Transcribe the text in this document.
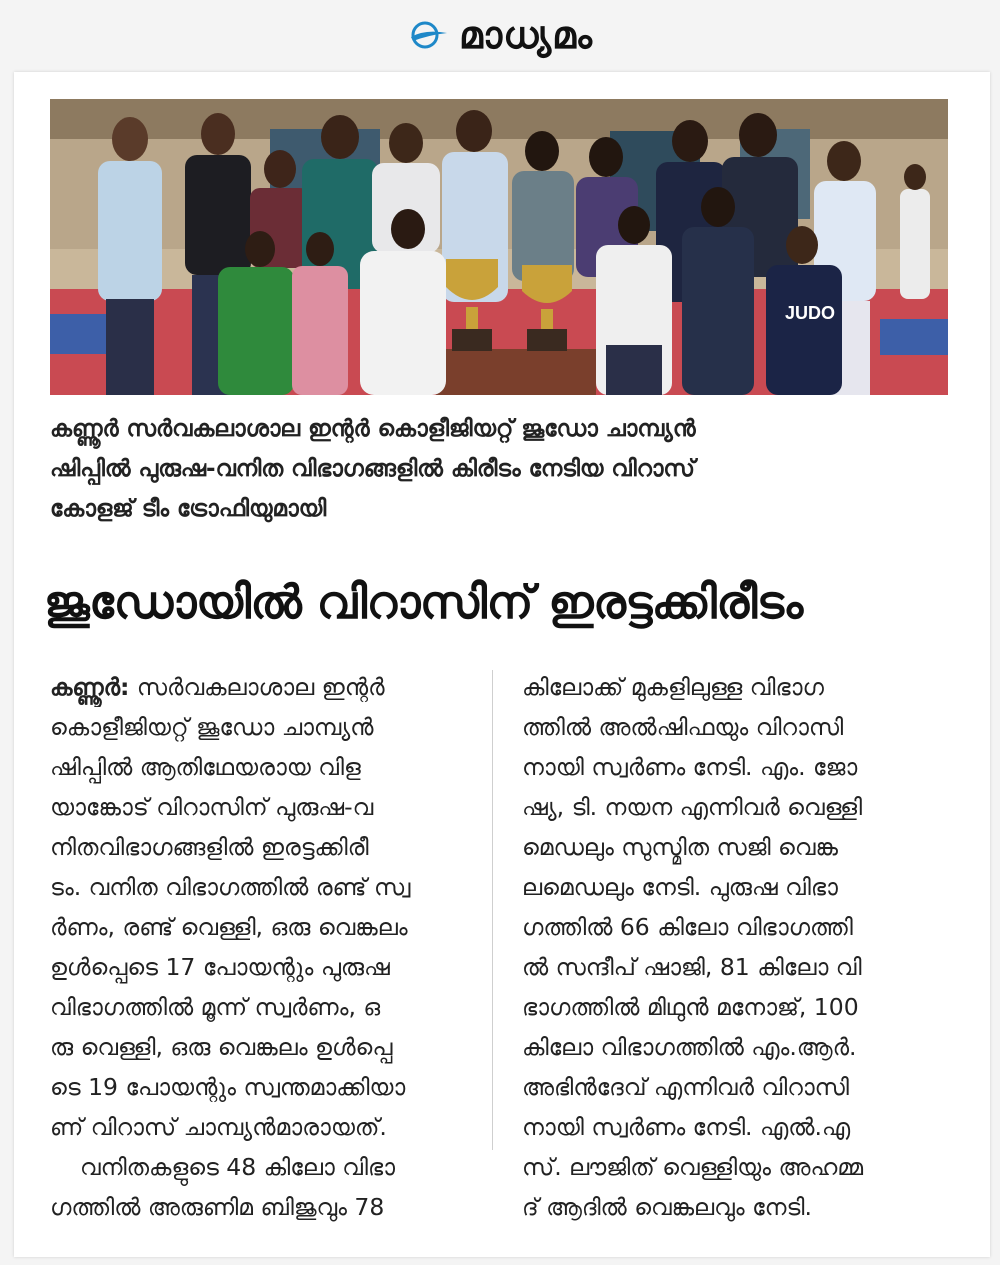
മാധ്യമം
JUDO
കണ്ണൂർ സർവകലാശാല ഇന്റർ കൊളീജിയറ്റ് ജൂഡോ ചാമ്പ്യൻ
ഷിപ്പിൽ പുരുഷ-വനിത വിഭാഗങ്ങളിൽ കിരീടം നേടിയ വിറാസ്
കോളജ് ടീം ട്രോഫിയുമായി
ജൂഡോയിൽ വിറാസിന് ഇരട്ടക്കിരീടം
കണ്ണൂർ: സർവകലാശാല ഇന്റർ
കൊളീജിയറ്റ് ജൂഡോ ചാമ്പ്യൻ
ഷിപ്പിൽ ആതിഥേയരായ വിള
യാങ്കോട് വിറാസിന് പുരുഷ-വ
നിതവിഭാഗങ്ങളിൽ ഇരട്ടക്കിരീ
ടം. വനിത വിഭാഗത്തിൽ രണ്ട് സ്വ
ർണം, രണ്ട് വെള്ളി, ഒരു വെങ്കലം
ഉൾപ്പെടെ 17 പോയന്റും പുരുഷ
വിഭാഗത്തിൽ മൂന്ന് സ്വർണം, ഒ
രു വെള്ളി, ഒരു വെങ്കലം ഉൾപ്പെ
ടെ 19 പോയന്റും സ്വന്തമാക്കിയാ
ണ് വിറാസ് ചാമ്പ്യൻമാരായത്.
വനിതകളുടെ 48 കിലോ വിഭാ
ഗത്തിൽ അരുണിമ ബിജുവും 78
കിലോക്ക് മുകളിലുള്ള വിഭാഗ
ത്തിൽ അൽഷിഫയും വിറാസി
നായി സ്വർണം നേടി. എം. ജോ
ഷ്യ, ടി. നയന എന്നിവർ വെള്ളി
മെഡലും സുസ്മിത സജി വെങ്ക
ലമെഡലും നേടി. പുരുഷ വിഭാ
ഗത്തിൽ 66 കിലോ വിഭാഗത്തി
ൽ സന്ദീപ് ഷാജി, 81 കിലോ വി
ഭാഗത്തിൽ മിഥുൻ മനോജ്, 100
കിലോ വിഭാഗത്തിൽ എം.ആർ.
അഭിൻദേവ് എന്നിവർ വിറാസി
നായി സ്വർണം നേടി. എൽ.എ
സ്. ലൗജിത് വെള്ളിയും അഹമ്മ
ദ് ആദിൽ വെങ്കലവും നേടി.
